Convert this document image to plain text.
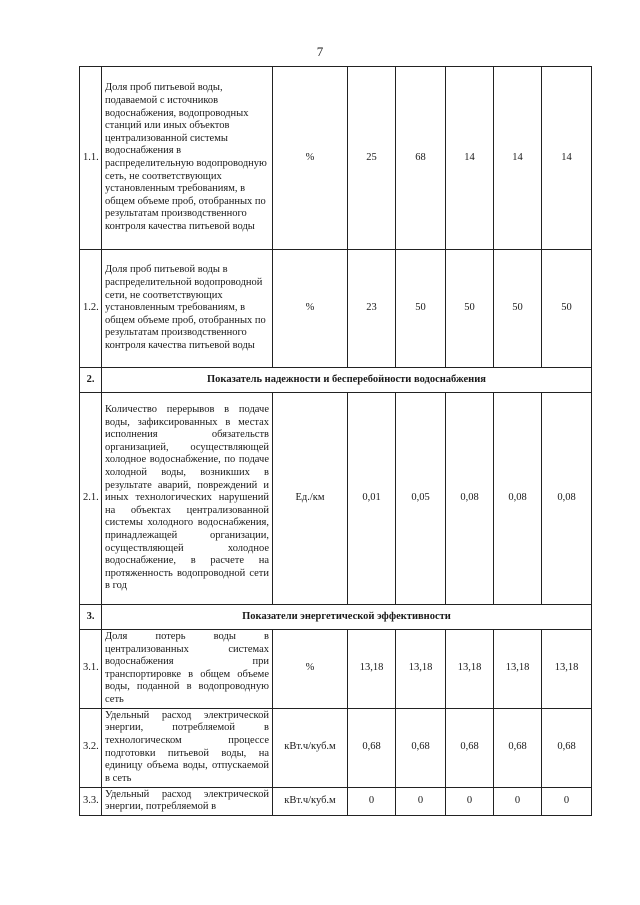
7
1.1.	Доля проб питьевой воды, подаваемой с источников водоснабжения, водопроводных станций или иных объектов централизованной системы водоснабжения в распределительную водопроводную сеть, не соответствующих установленным требованиям, в общем объеме проб, отобранных по результатам производственного контроля качества питьевой воды	%	25	68	14	14	14
1.2.	Доля проб питьевой воды в распределительной водопроводной сети, не соответствующих установленным требованиям, в общем объеме проб, отобранных по результатам производственного контроля качества питьевой воды	%	23	50	50	50	50
2.	Показатель надежности и бесперебойности водоснабжения						
2.1.	Количество перерывов в подаче воды, зафиксированных в местах исполнения обязательств организацией, осуществляющей холодное водоснабжение, по подаче холодной воды, возникших в результате аварий, повреждений и иных технологических нарушений на объектах централизованной системы холодного водоснабжения, принадлежащей организации, осуществляющей холодное водоснабжение, в расчете на протяженность водопроводной сети в год	Ед./км	0,01	0,05	0,08	0,08	0,08
3.	Показатели энергетической эффективности						
3.1.	Доля потерь воды в централизованных системах водоснабжения при транспортировке в общем объеме воды, поданной в водопроводную сеть	%	13,18	13,18	13,18	13,18	13,18
3.2.	Удельный расход электрической энергии, потребляемой в технологическом процессе подготовки питьевой воды, на единицу объема воды, отпускаемой в сеть	кВт.ч/куб.м	0,68	0,68	0,68	0,68	0,68
3.3.	Удельный расход электрической энергии, потребляемой в	кВт.ч/куб.м	0	0	0	0	0
